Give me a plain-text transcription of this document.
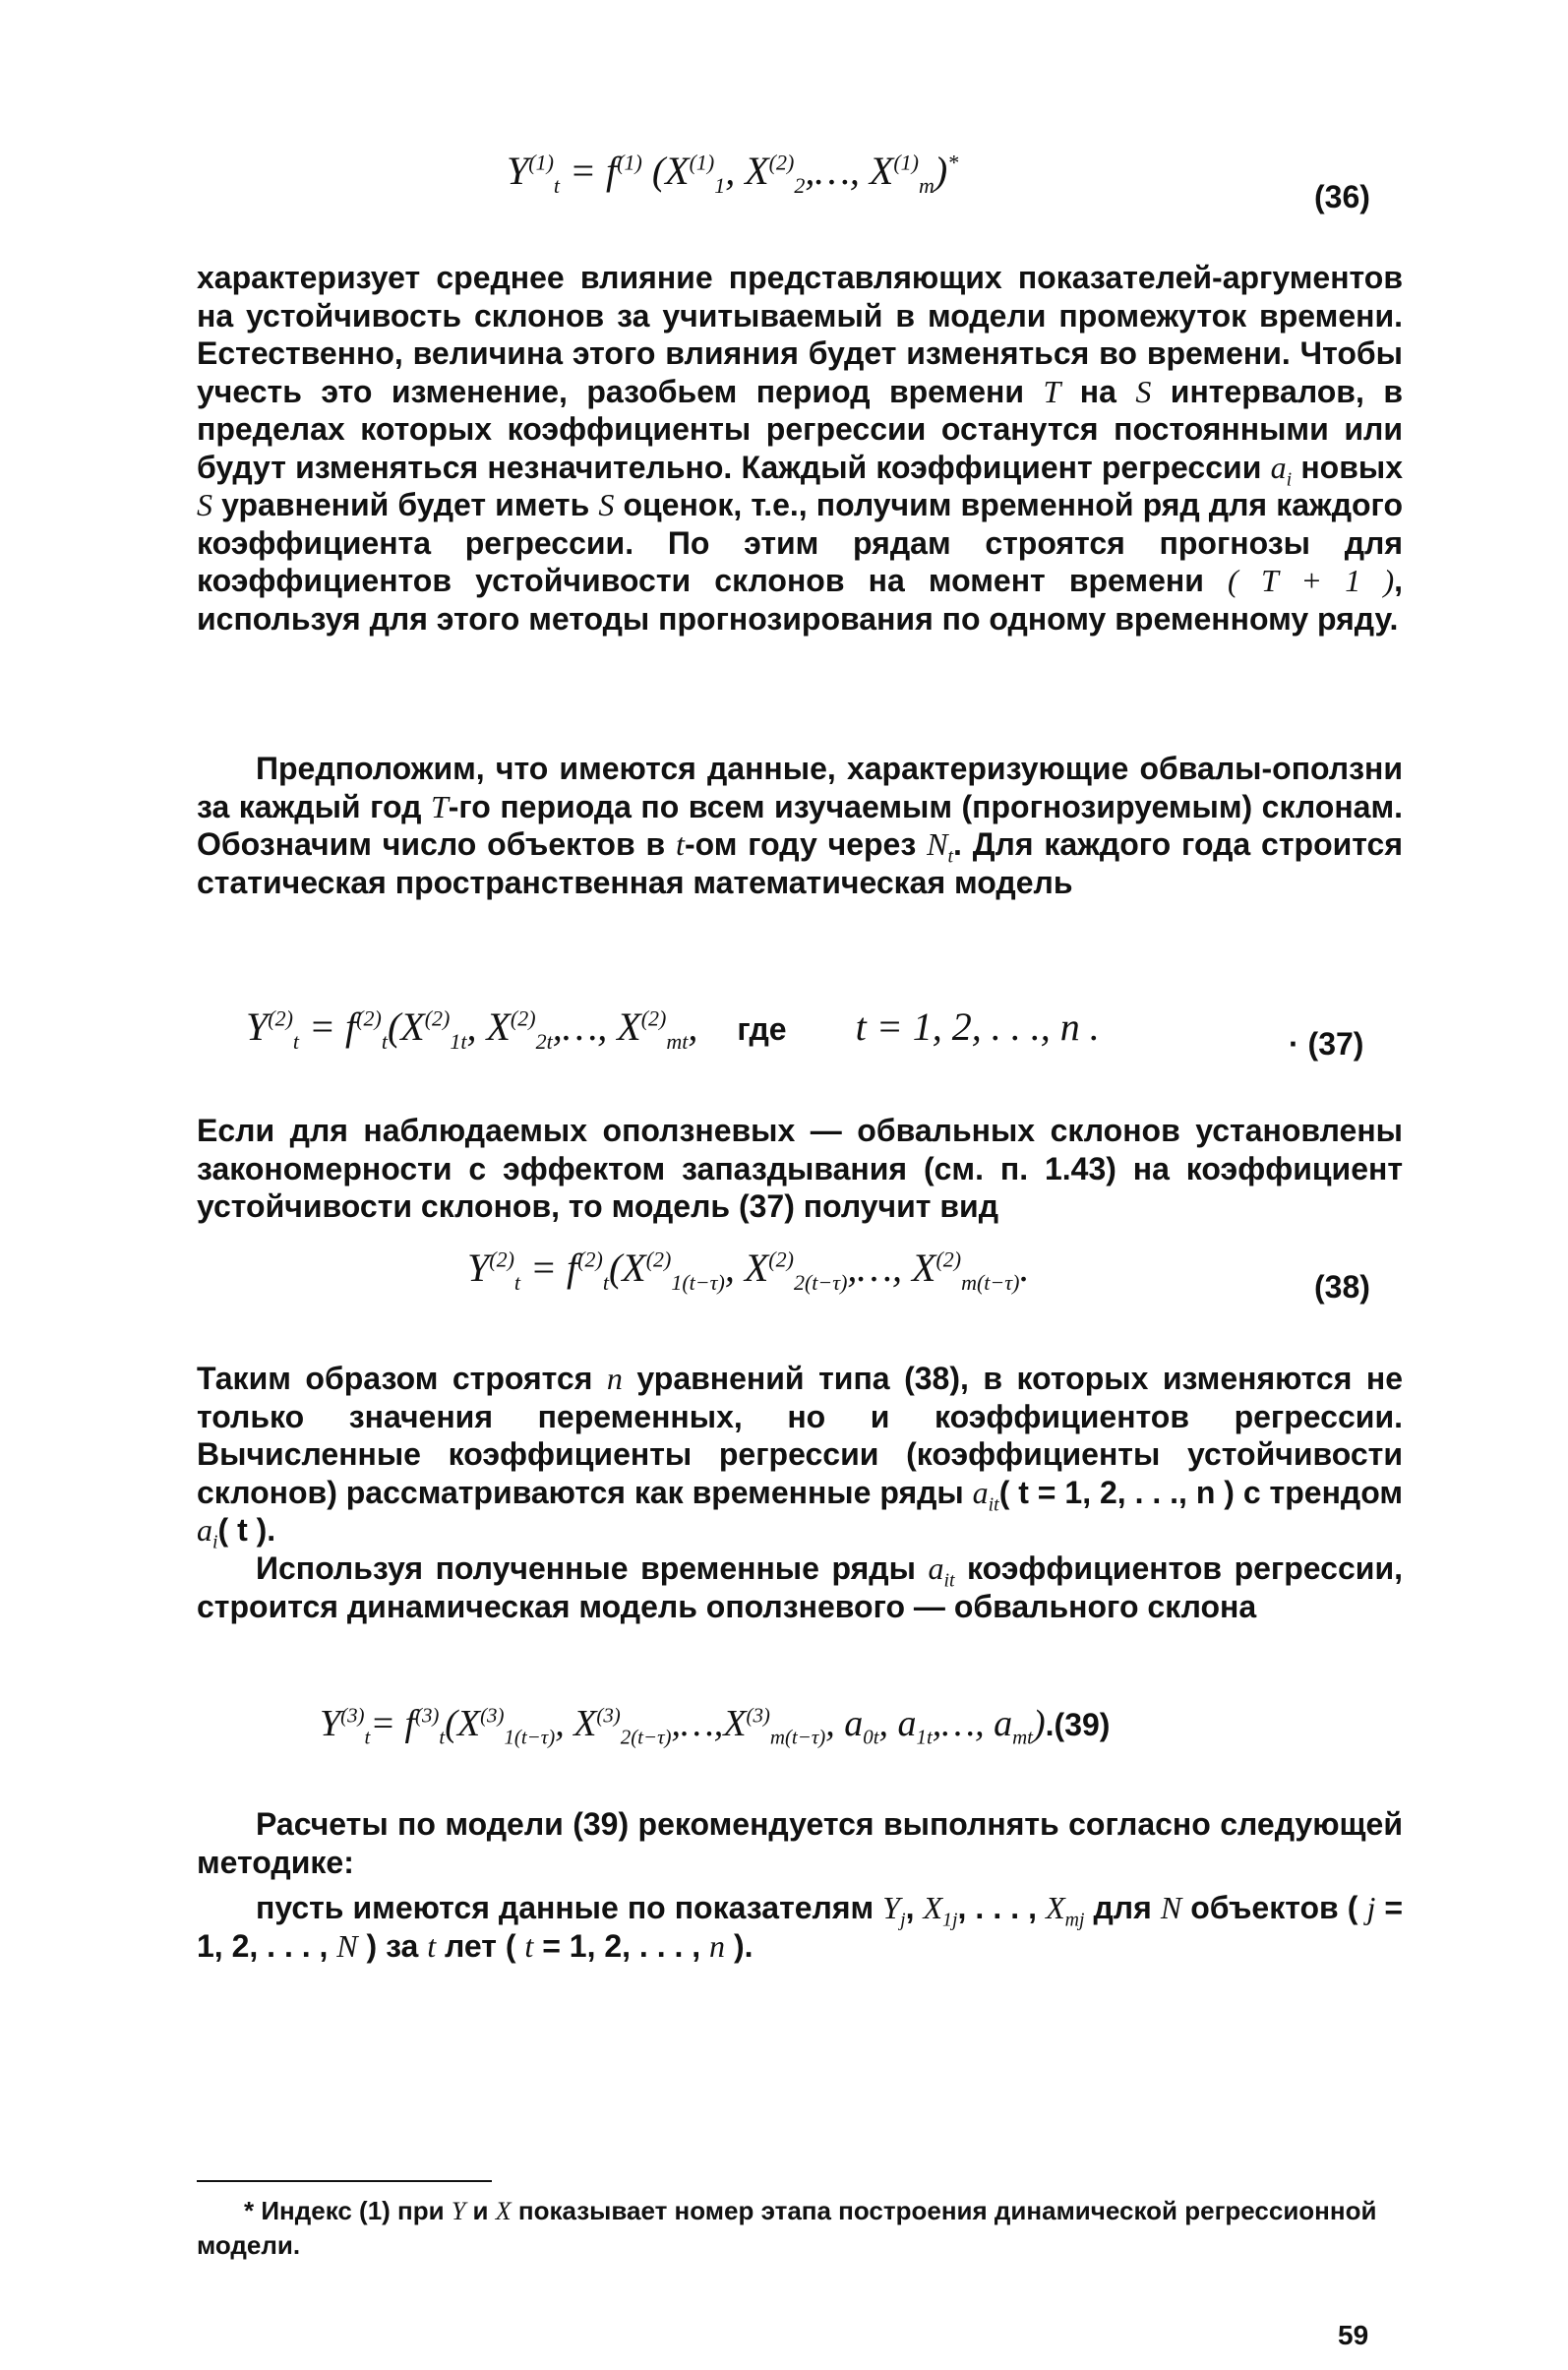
$Y^{(1)}_t = f^{(1)}$ ($X^{(1)}_1$, $X^{(2)}_2,\dots$, $X^{(1)}_m)^*$
(36)

характеризует среднее влияние представляющих показателей-аргументов на устойчивость склонов за учитываемый в модели промежуток времени. Естественно, величина этого влияния будет изменяться во времени. Чтобы учесть это изменение, разобьем период времени T на S интервалов, в пределах которых коэффициенты регрессии останутся постоянными или будут изменяться незначительно. Каждый коэффициент регрессии $a_i$ новых S уравнений будет иметь S оценок, т.е., получим временной ряд для каждого коэффициента регрессии. По этим рядам строятся прогнозы для коэффициентов устойчивости склонов на момент времени ( T + 1 ), используя для этого методы прогнозирования по одному временному ряду.

Предположим, что имеются данные, характеризующие обвалы-оползни за каждый год T-го периода по всем изучаемым (прогнозируемым) склонам. Обозначим число объектов в t-ом году через $N_t$. Для каждого года строится статическая пространственная математическая модель

$Y^{(2)}_t = f^{(2)}_t(X^{(2)}_{1t}$, $X^{(2)}_{2t},\dots$, $X^{(2)}_{mt}$, где t = 1, 2, . . ., n .	· (37)

Если для наблюдаемых оползневых — обвальных склонов установлены закономерности с эффектом запаздывания (см. п. 1.43) на коэффициент устойчивости склонов, то модель (37) получит вид

$Y^{(2)}_t = f^{(2)}_t(X^{(2)}_{1(t-\tau)}$, $X^{(2)}_{2(t-\tau)},\dots$, $X^{(2)}_{m(t-\tau)}$.	(38)

Таким образом строятся n уравнений типа (38), в которых изменяются не только значения переменных, но и коэффициентов регрессии. Вычисленные коэффициенты регрессии (коэффициенты устойчивости склонов) рассматриваются как временные ряды $a_{it}$( t = 1, 2, . . ., n ) с трендом $a_i$( t ).

Используя полученные временные ряды $a_{it}$ коэффициентов регрессии, строится динамическая модель оползневого — обвального склона

$Y^{(3)}_t= f^{(3)}_t(X^{(3)}_{1(t-\tau)}$, $X^{(3)}_{2(t-\tau)},\dots,X^{(3)}_{m(t-\tau)}$, $a_{0t}$, $a_{1t},\dots$, $a_{mt}).(39)$

Расчеты по модели (39) рекомендуется выполнять согласно следующей методике:

пусть имеются данные по показателям $Y_j$, $X_{1j}$, . . . , $X_{mj}$ для N объектов ( j = 1, 2, . . . , N ) за t лет ( t = 1, 2, . . . , n ).

* Индекс (1) при Y и X показывает номер этапа построения динамической регрессионной модели.

59
